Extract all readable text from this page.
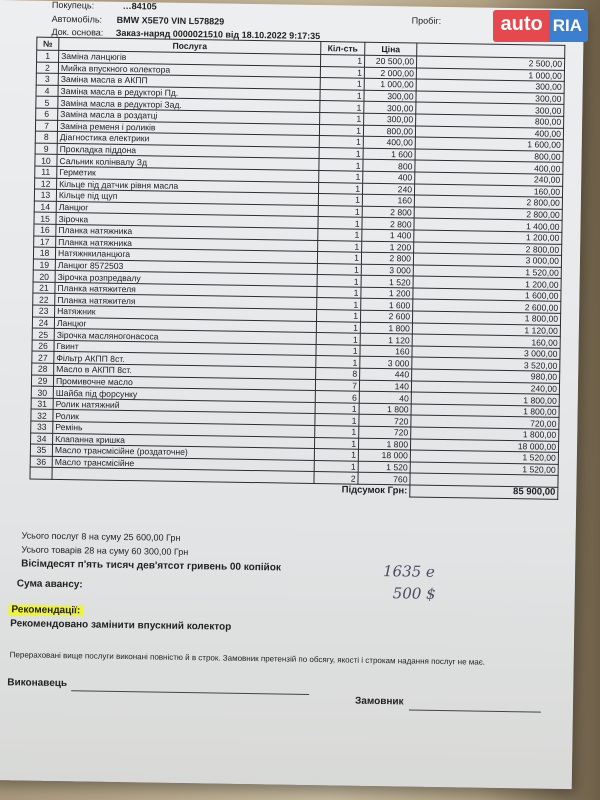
Покупець:	…84105
Автомобіль: BMW X5E70 VIN L578829
Док. основа: Заказ-наряд 0000021510 від 18.10.2022 9:17:35
Пробіг:
№	Послуга	Кіл-сть	Ціна	
1	Заміна ланцюгів	1	20 500,00	2 500,00
2	Мийка впускного колектора	1	2 000,00	1 000,00
3	Заміна масла в АКПП	1	1 000,00	300,00
4	Заміна масла в редукторі Пд.	1	300,00	300,00
5	Заміна масла в редукторі Зад.	1	300,00	300,00
6	Заміна масла в роздатці	1	300,00	800,00
7	Заміна ременя і роликів	1	800,00	400,00
8	Діагностика електрики	1	400,00	1 600,00
9	Прокладка піддона	1	1 600	800,00
10	Сальник колінвалу Зд	1	800	400,00
11	Герметик	1	400	240,00
12	Кільце під датчик рівня масла	1	240	160,00
13	Кільце під щуп	1	160	2 800,00
14	Ланцюг	1	2 800	2 800,00
15	Зірочка	1	2 800	1 400,00
16	Планка натяжника	1	1 400	1 200,00
17	Планка натяжника	1	1 200	2 800,00
18	Натяжнкиланцюга	1	2 800	3 000,00
19	Ланцюг 8572503	1	3 000	1 520,00
20	Зірочка розпредвалу	1	1 520	1 200,00
21	Планка натяжителя	1	1 200	1 600,00
22	Планка натяжителя	1	1 600	2 600,00
23	Натяжник	1	2 600	1 800,00
24	Ланцюг	1	1 800	1 120,00
25	Зірочка масляногонасоса	1	1 120	160,00
26	Гвинт	1	160	3 000,00
27	Фільтр АКПП 8ст.	1	3 000	3 520,00
28	Масло в АКПП 8ст.	8	440	980,00
29	Промивочне масло	7	140	240,00
30	Шайба під форсунку	6	40	1 800,00
31	Ролик натяжний	1	1 800	1 800,00
32	Ролик	1	720	720,00
33	Ремінь	1	720	1 800,00
34	Клапанна кришка	1	1 800	18 000,00
35	Масло трансмісійне (роздаточне)	1	18 000	1 520,00
36	Масло трансмісійне	1	1 520	1 520,00
		2	760	
Підсумок Грн:				85 900,00
Усього послуг 8 на суму 25 600,00 Грн
Усього товарів 28 на суму 60 300,00 Грн
Вісімдесят п'ять тисяч дев'ятсот гривень 00 копійок	1635 е
500 $
Сума авансу:
Рекомендації:
Рекомендовано замінити впускний колектор
Перераховані вище послуги виконані повністю й в строк. Замовник претензій по обсягу, якості і строкам надання послуг не має.
Виконавець
Замовник
auto RIA
